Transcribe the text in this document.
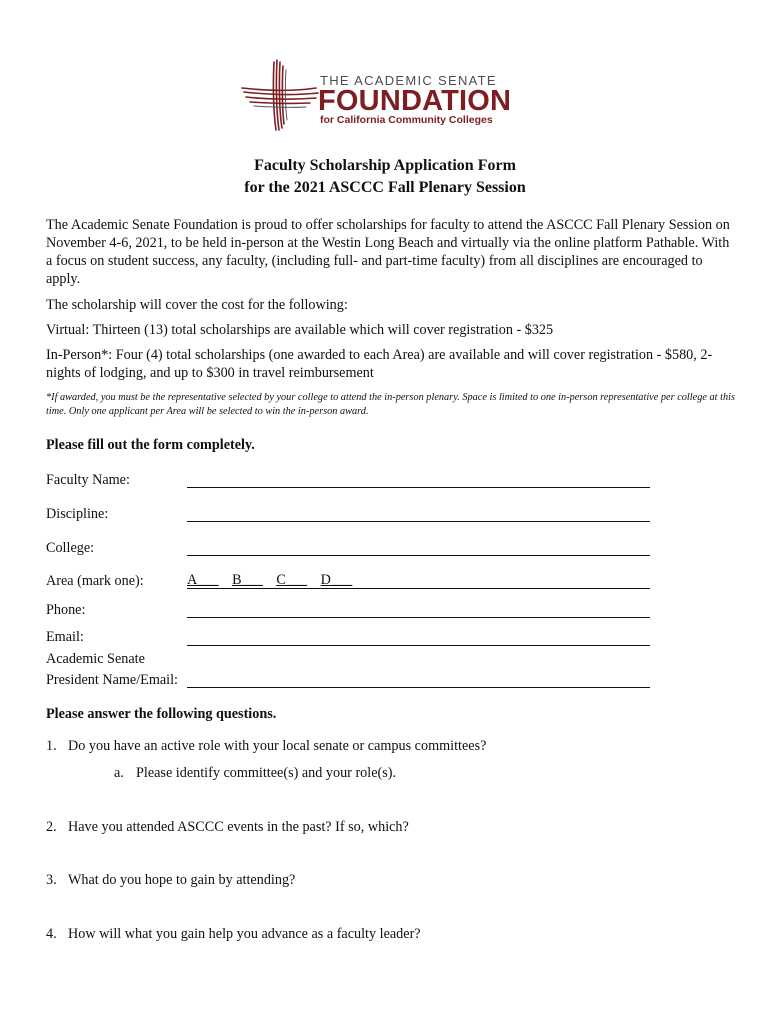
THE ACADEMIC SENATE
FOUNDATION
for California Community Colleges
Faculty Scholarship Application Form
for the 2021 ASCCC Fall Plenary Session
The Academic Senate Foundation is proud to offer scholarships for faculty to attend the ASCCC Fall Plenary Session on November 4-6, 2021, to be held in-person at the Westin Long Beach and virtually via the online platform Pathable. With a focus on student success, any faculty, (including full- and part-time faculty) from all disciplines are encouraged to apply.
The scholarship will cover the cost for the following:
Virtual: Thirteen (13) total scholarships are available which will cover registration - $325
In-Person*: Four (4) total scholarships (one awarded to each Area) are available and will cover registration - $580, 2-nights of lodging, and up to $300 in travel reimbursement
*If awarded, you must be the representative selected by your college to attend the in-person plenary. Space is limited to one in-person representative per college at this time. Only one applicant per Area will be selected to win the in-person award.
Please fill out the form completely.
Faculty Name:
Discipline:
College:
Area (mark one):	A___ B___ C___ D___
Phone:
Email:
Academic Senate
President Name/Email:
Please answer the following questions.
1. Do you have an active role with your local senate or campus committees?
a. Please identify committee(s) and your role(s).
2. Have you attended ASCCC events in the past? If so, which?
3. What do you hope to gain by attending?
4. How will what you gain help you advance as a faculty leader?
